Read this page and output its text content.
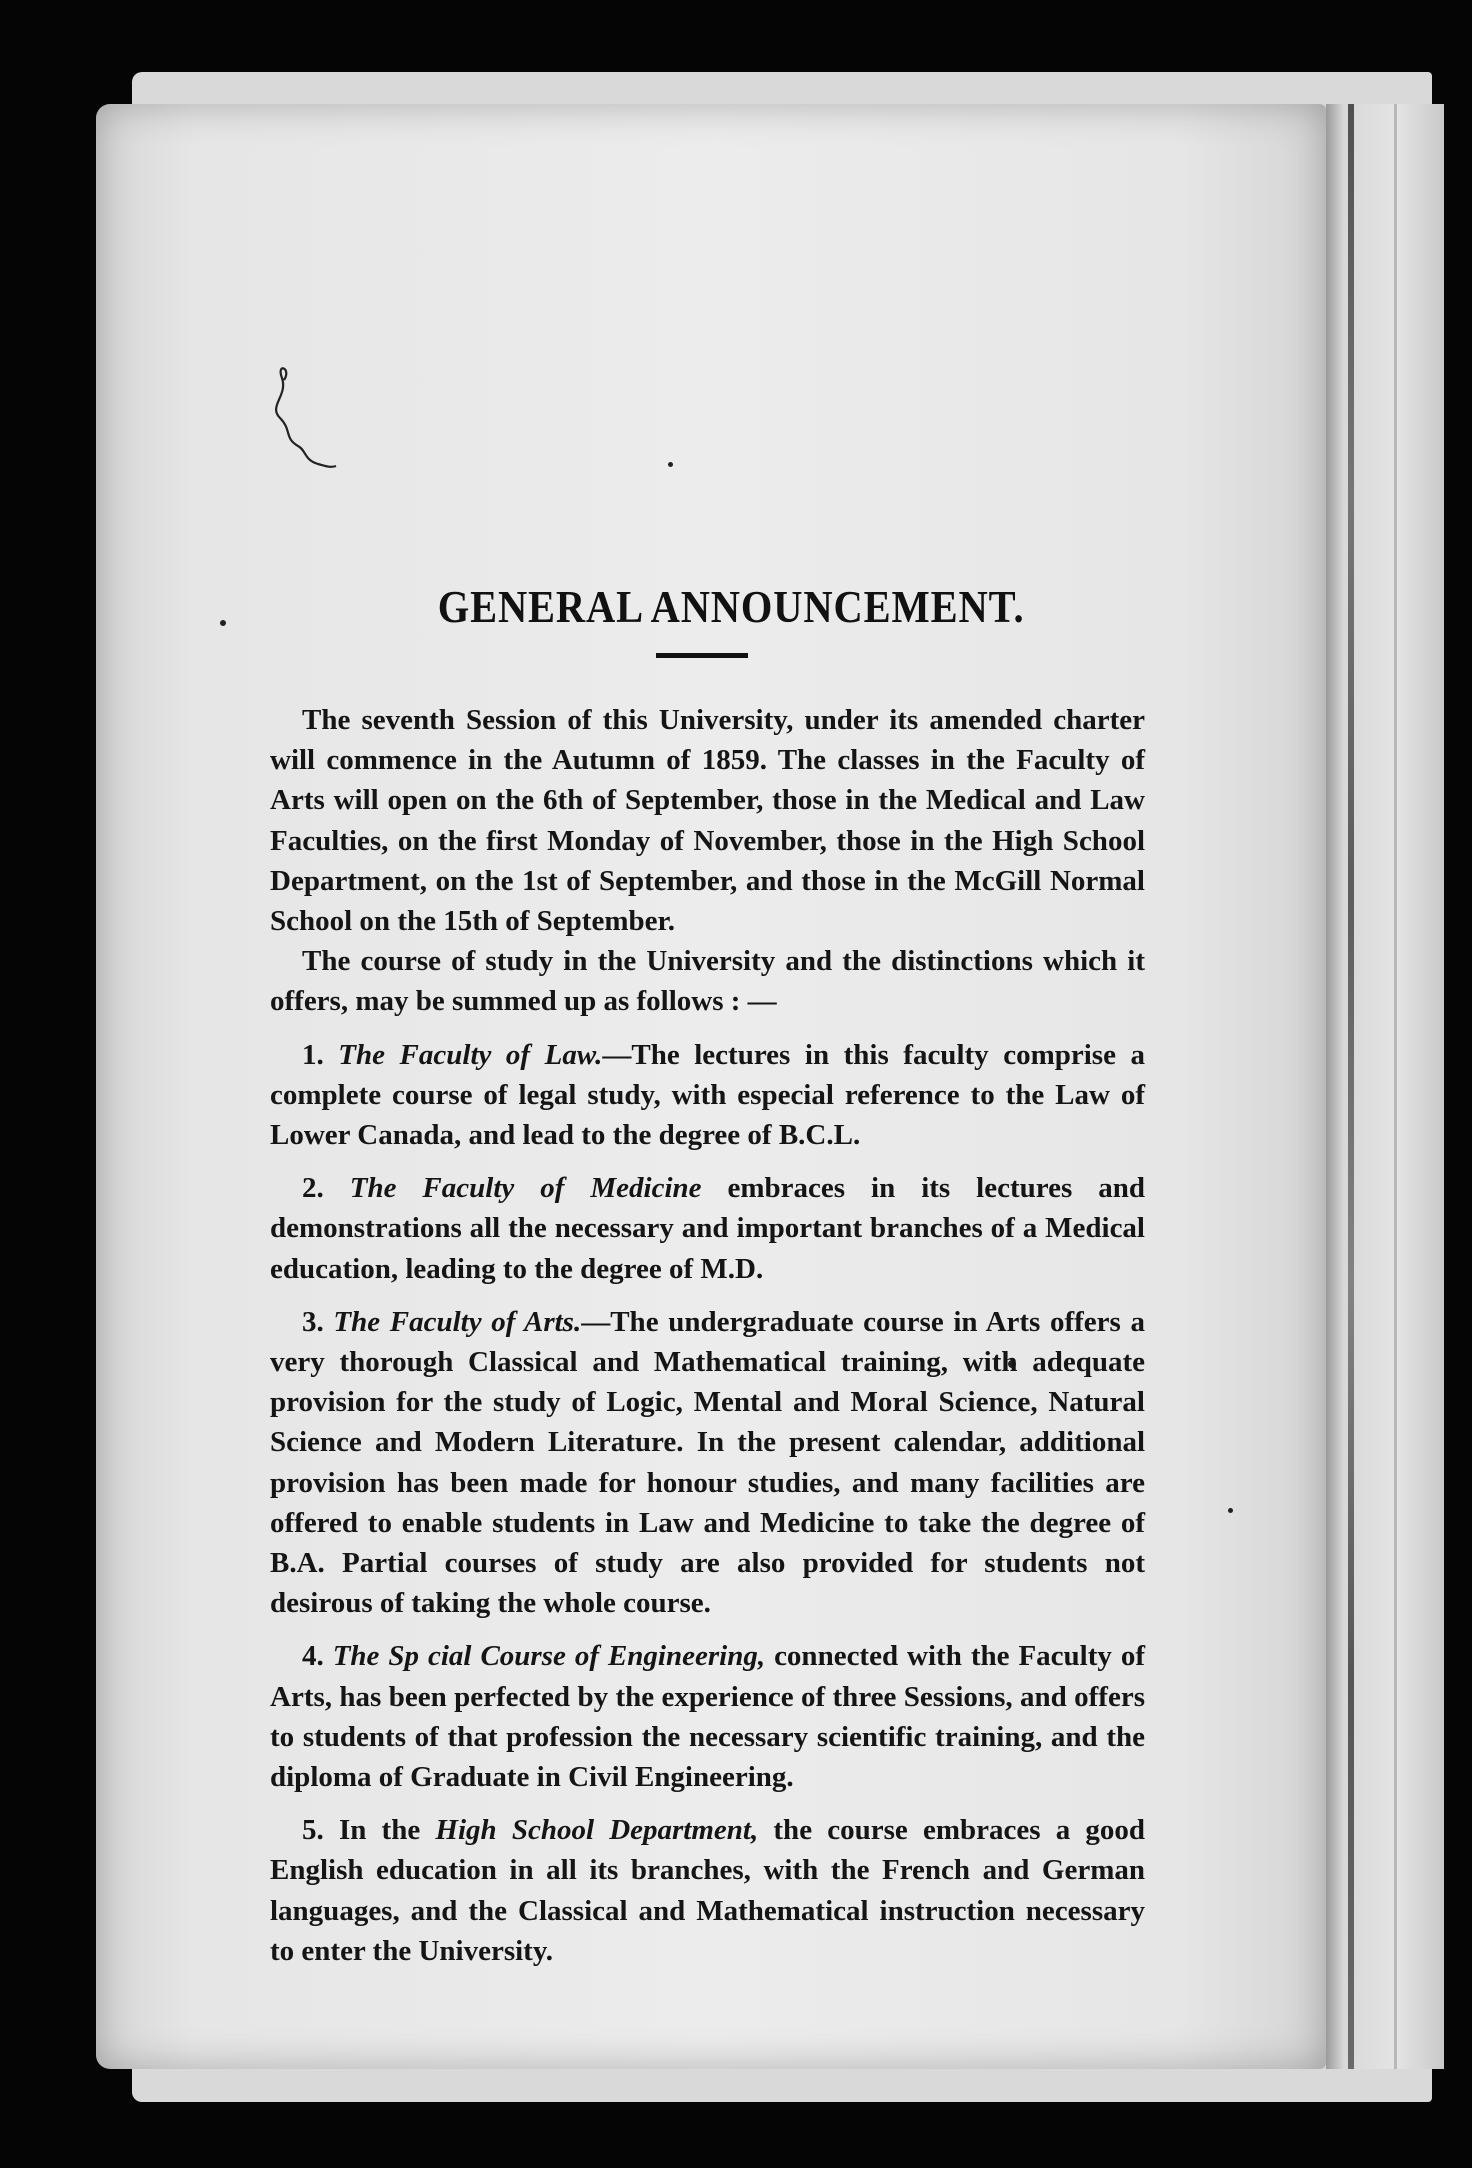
GENERAL ANNOUNCEMENT.

The seventh Session of this University, under its amended charter will commence in the Autumn of 1859. The classes in the Faculty of Arts will open on the 6th of September, those in the Medical and Law Faculties, on the first Monday of November, those in the High School Department, on the 1st of September, and those in the McGill Normal School on the 15th of September.

The course of study in the University and the distinctions which it offers, may be summed up as follows : —

1. The Faculty of Law.—The lectures in this faculty comprise a complete course of legal study, with especial reference to the Law of Lower Canada, and lead to the degree of B.C.L.

2. The Faculty of Medicine embraces in its lectures and demonstrations all the necessary and important branches of a Medical education, leading to the degree of M.D.

3. The Faculty of Arts.—The undergraduate course in Arts offers a very thorough Classical and Mathematical training, with adequate provision for the study of Logic, Mental and Moral Science, Natural Science and Modern Literature. In the present calendar, additional provision has been made for honour studies, and many facilities are offered to enable students in Law and Medicine to take the degree of B.A. Partial courses of study are also provided for students not desirous of taking the whole course.

4. The Sp cial Course of Engineering, connected with the Faculty of Arts, has been perfected by the experience of three Sessions, and offers to students of that profession the necessary scientific training, and the diploma of Graduate in Civil Engineering.

5. In the High School Department, the course embraces a good English education in all its branches, with the French and German languages, and the Classical and Mathematical instruction necessary to enter the University.
